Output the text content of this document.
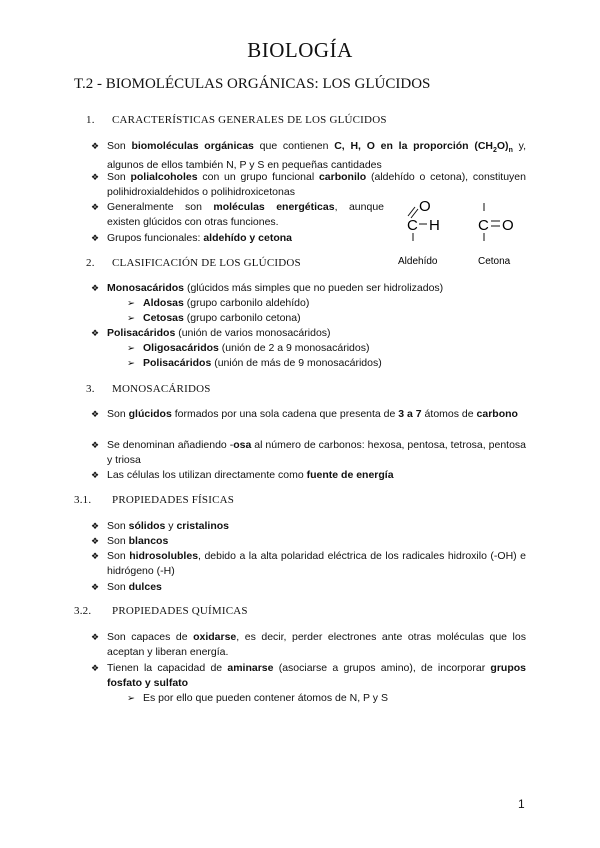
BIOLOGÍA
T.2 - BIOMOLÉCULAS ORGÁNICAS: LOS GLÚCIDOS
1. CARACTERÍSTICAS GENERALES DE LOS GLÚCIDOS
❖ Son biomoléculas orgánicas que contienen C, H, O en la proporción $(CH_2O)_n$ y, algunos de ellos también N, P y S en pequeñas cantidades
❖ Son polialcoholes con un grupo funcional carbonilo (aldehído o cetona), constituyen polihidroxialdehidos o polihidroxicetonas
❖ Generalmente son moléculas energéticas, aunque existen glúcidos con otras funciones.
❖ Grupos funcionales: aldehído y cetona
O
C H	C O
Aldehído	Cetona
2. CLASIFICACIÓN DE LOS GLÚCIDOS
❖ Monosacáridos (glúcidos más simples que no pueden ser hidrolizados)
➢ Aldosas (grupo carbonilo aldehído)
➢ Cetosas (grupo carbonilo cetona)
❖ Polisacáridos (unión de varios monosacáridos)
➢ Oligosacáridos (unión de 2 a 9 monosacáridos)
➢ Polisacáridos (unión de más de 9 monosacáridos)
3. MONOSACÁRIDOS
❖ Son glúcidos formados por una sola cadena que presenta de 3 a 7 átomos de carbono
❖ Se denominan añadiendo -osa al número de carbonos: hexosa, pentosa, tetrosa, pentosa y triosa
❖ Las células los utilizan directamente como fuente de energía
3.1. PROPIEDADES FÍSICAS
❖ Son sólidos y cristalinos
❖ Son blancos
❖ Son hidrosolubles, debido a la alta polaridad eléctrica de los radicales hidroxilo (-OH) e hidrógeno (-H)
❖ Son dulces
3.2. PROPIEDADES QUÍMICAS
❖ Son capaces de oxidarse, es decir, perder electrones ante otras moléculas que los aceptan y liberan energía.
❖ Tienen la capacidad de aminarse (asociarse a grupos amino), de incorporar grupos fosfato y sulfato
➢ Es por ello que pueden contener átomos de N, P y S
1
